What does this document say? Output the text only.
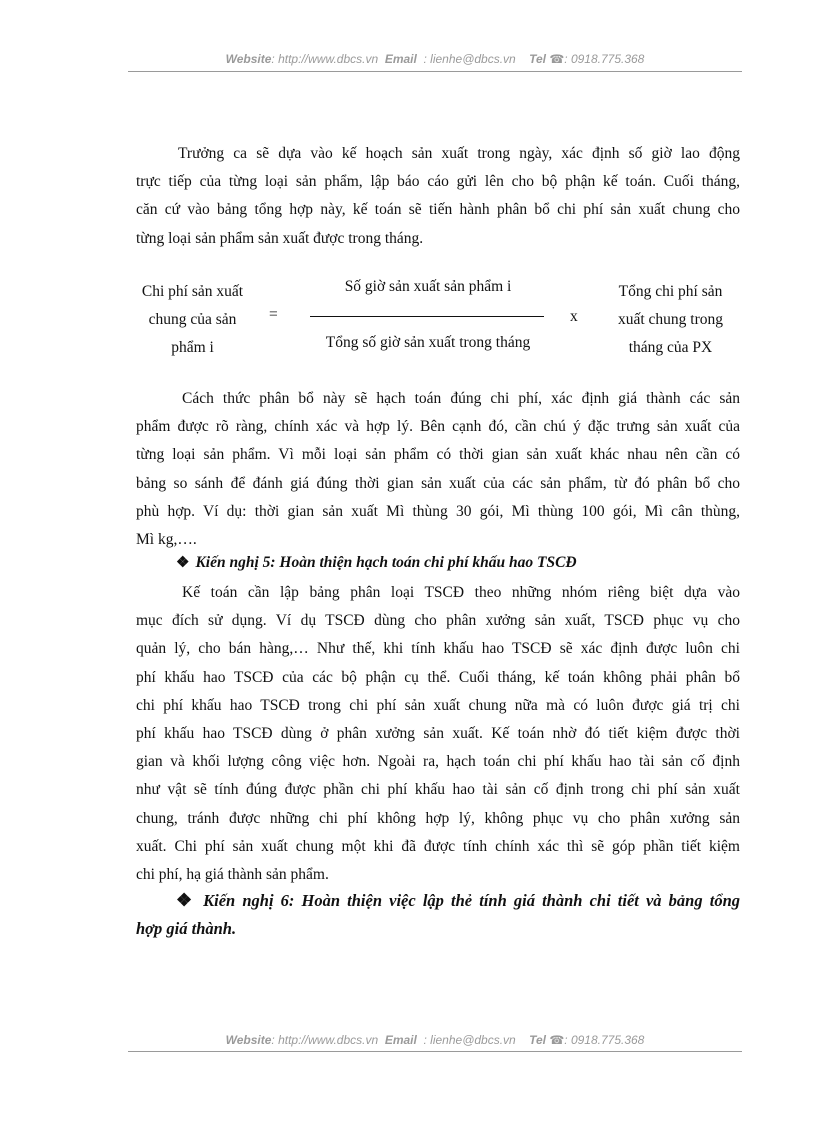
Website: http://www.dbcs.vn Email : lienhe@dbcs.vn Tel ☎: 0918.775.368
Trưởng ca sẽ dựa vào kế hoạch sản xuất trong ngày, xác định số giờ lao động
trực tiếp của từng loại sản phẩm, lập báo cáo gửi lên cho bộ phận kế toán. Cuối tháng,
căn cứ vào bảng tổng hợp này, kế toán sẽ tiến hành phân bổ chi phí sản xuất chung cho
từng loại sản phẩm sản xuất được trong tháng.
Chi phí sản xuất
chung của sản
phẩm i
=
Số giờ sản xuất sản phẩm i
Tổng số giờ sản xuất trong tháng
x
Tổng chi phí sản
xuất chung trong
tháng của PX
Cách thức phân bổ này sẽ hạch toán đúng chi phí, xác định giá thành các sản
phẩm được rõ ràng, chính xác và hợp lý. Bên cạnh đó, cần chú ý đặc trưng sản xuất của
từng loại sản phẩm. Vì mỗi loại sản phẩm có thời gian sản xuất khác nhau nên cần có
bảng so sánh để đánh giá đúng thời gian sản xuất của các sản phẩm, từ đó phân bổ cho
phù hợp. Ví dụ: thời gian sản xuất Mì thùng 30 gói, Mì thùng 100 gói, Mì cân thùng,
Mì kg,….
❖ Kiến nghị 5: Hoàn thiện hạch toán chi phí khấu hao TSCĐ
Kế toán cần lập bảng phân loại TSCĐ theo những nhóm riêng biệt dựa vào
mục đích sử dụng. Ví dụ TSCĐ dùng cho phân xưởng sản xuất, TSCĐ phục vụ cho
quản lý, cho bán hàng,… Như thế, khi tính khấu hao TSCĐ sẽ xác định được luôn chi
phí khấu hao TSCĐ của các bộ phận cụ thể. Cuối tháng, kế toán không phải phân bổ
chi phí khấu hao TSCĐ trong chi phí sản xuất chung nữa mà có luôn được giá trị chi
phí khấu hao TSCĐ dùng ở phân xưởng sản xuất. Kế toán nhờ đó tiết kiệm được thời
gian và khối lượng công việc hơn. Ngoài ra, hạch toán chi phí khấu hao tài sản cố định
như vật sẽ tính đúng được phần chi phí khấu hao tài sản cố định trong chi phí sản xuất
chung, tránh được những chi phí không hợp lý, không phục vụ cho phân xưởng sản
xuất. Chi phí sản xuất chung một khi đã được tính chính xác thì sẽ góp phần tiết kiệm
chi phí, hạ giá thành sản phẩm.
❖ Kiến nghị 6: Hoàn thiện việc lập thẻ tính giá thành chi tiết và bảng tổng
hợp giá thành.
Website: http://www.dbcs.vn Email : lienhe@dbcs.vn Tel ☎: 0918.775.368
